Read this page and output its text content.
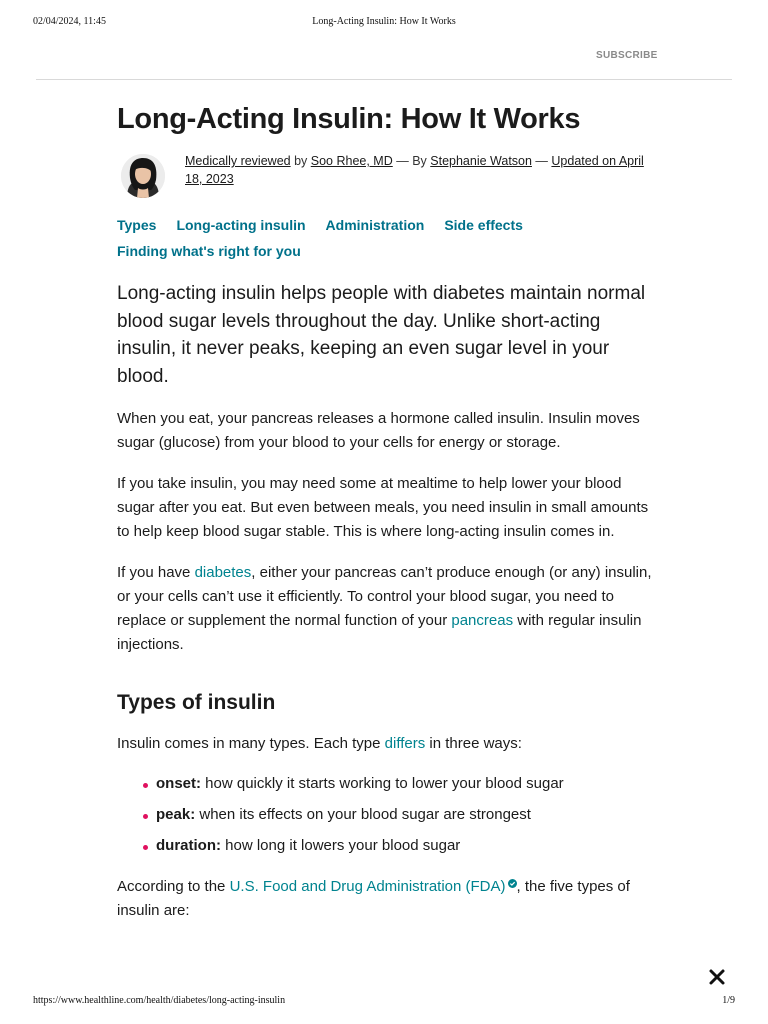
02/04/2024, 11:45	Long-Acting Insulin: How It Works
SUBSCRIBE
Long-Acting Insulin: How It Works
Medically reviewed by Soo Rhee, MD — By Stephanie Watson — Updated on April 18, 2023
Types Long-acting insulin Administration Side effects
Finding what's right for you

Long-acting insulin helps people with diabetes maintain normal blood sugar levels throughout the day. Unlike short-acting insulin, it never peaks, keeping an even sugar level in your blood.

When you eat, your pancreas releases a hormone called insulin. Insulin moves sugar (glucose) from your blood to your cells for energy or storage.

If you take insulin, you may need some at mealtime to help lower your blood sugar after you eat. But even between meals, you need insulin in small amounts to help keep blood sugar stable. This is where long-acting insulin comes in.

If you have diabetes, either your pancreas can’t produce enough (or any) insulin, or your cells can’t use it efficiently. To control your blood sugar, you need to replace or supplement the normal function of your pancreas with regular insulin injections.

Types of insulin

Insulin comes in many types. Each type differs in three ways:

onset: how quickly it starts working to lower your blood sugar
peak: when its effects on your blood sugar are strongest
duration: how long it lowers your blood sugar

According to the U.S. Food and Drug Administration (FDA) , the five types of insulin are:

https://www.healthline.com/health/diabetes/long-acting-insulin	1/9
